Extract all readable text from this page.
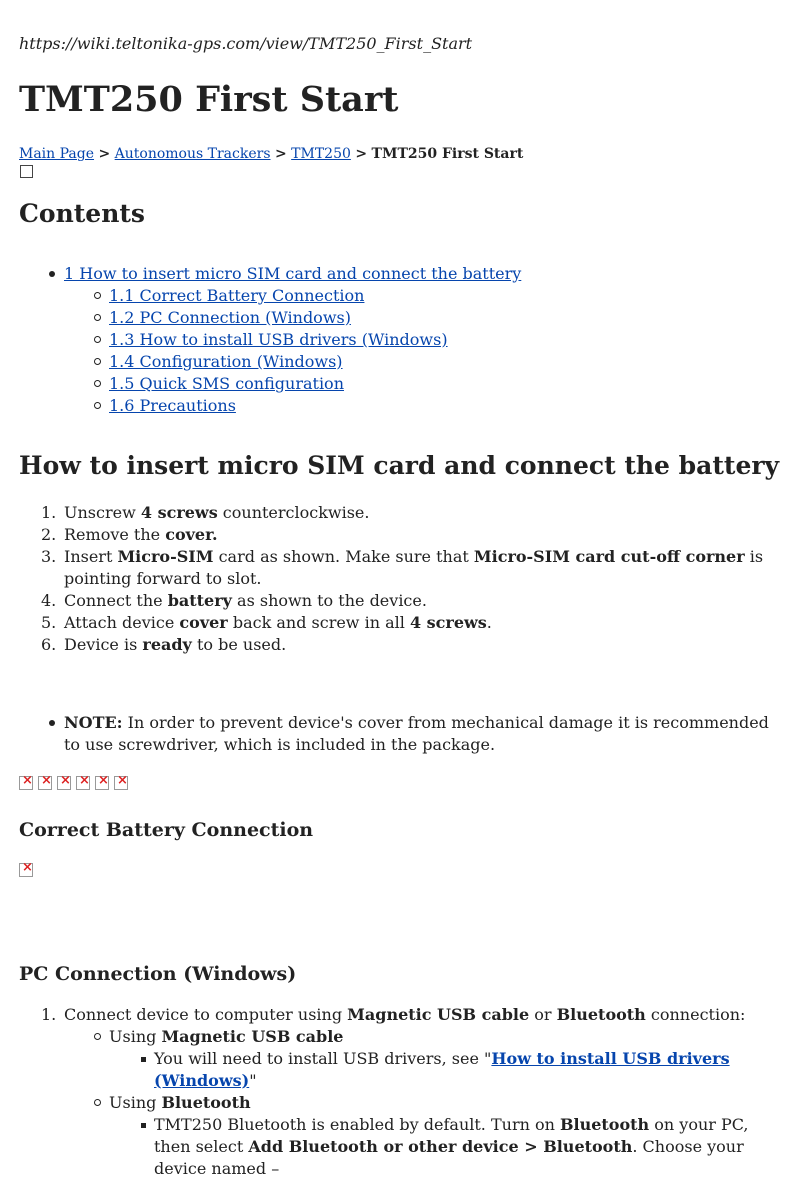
https://wiki.teltonika-gps.com/view/TMT250_First_Start
TMT250 First Start
Main Page > Autonomous Trackers > TMT250 > TMT250 First Start
Contents
1 How to insert micro SIM card and connect the battery
1.1 Correct Battery Connection
1.2 PC Connection (Windows)
1.3 How to install USB drivers (Windows)
1.4 Configuration (Windows)
1.5 Quick SMS configuration
1.6 Precautions
How to insert micro SIM card and connect the battery
1. Unscrew 4 screws counterclockwise.
2. Remove the cover.
3. Insert Micro-SIM card as shown. Make sure that Micro-SIM card cut-off corner is pointing forward to slot.
4. Connect the battery as shown to the device.
5. Attach device cover back and screw in all 4 screws.
6. Device is ready to be used.
NOTE: In order to prevent device's cover from mechanical damage it is recommended to use screwdriver, which is included in the package.
×
×
×
×
×
×
Correct Battery Connection
×
PC Connection (Windows)
1. Connect device to computer using Magnetic USB cable or Bluetooth connection:
Using Magnetic USB cable
You will need to install USB drivers, see "How to install USB drivers (Windows)"
Using Bluetooth
TMT250 Bluetooth is enabled by default. Turn on Bluetooth on your PC, then select Add Bluetooth or other device > Bluetooth. Choose your device named –
